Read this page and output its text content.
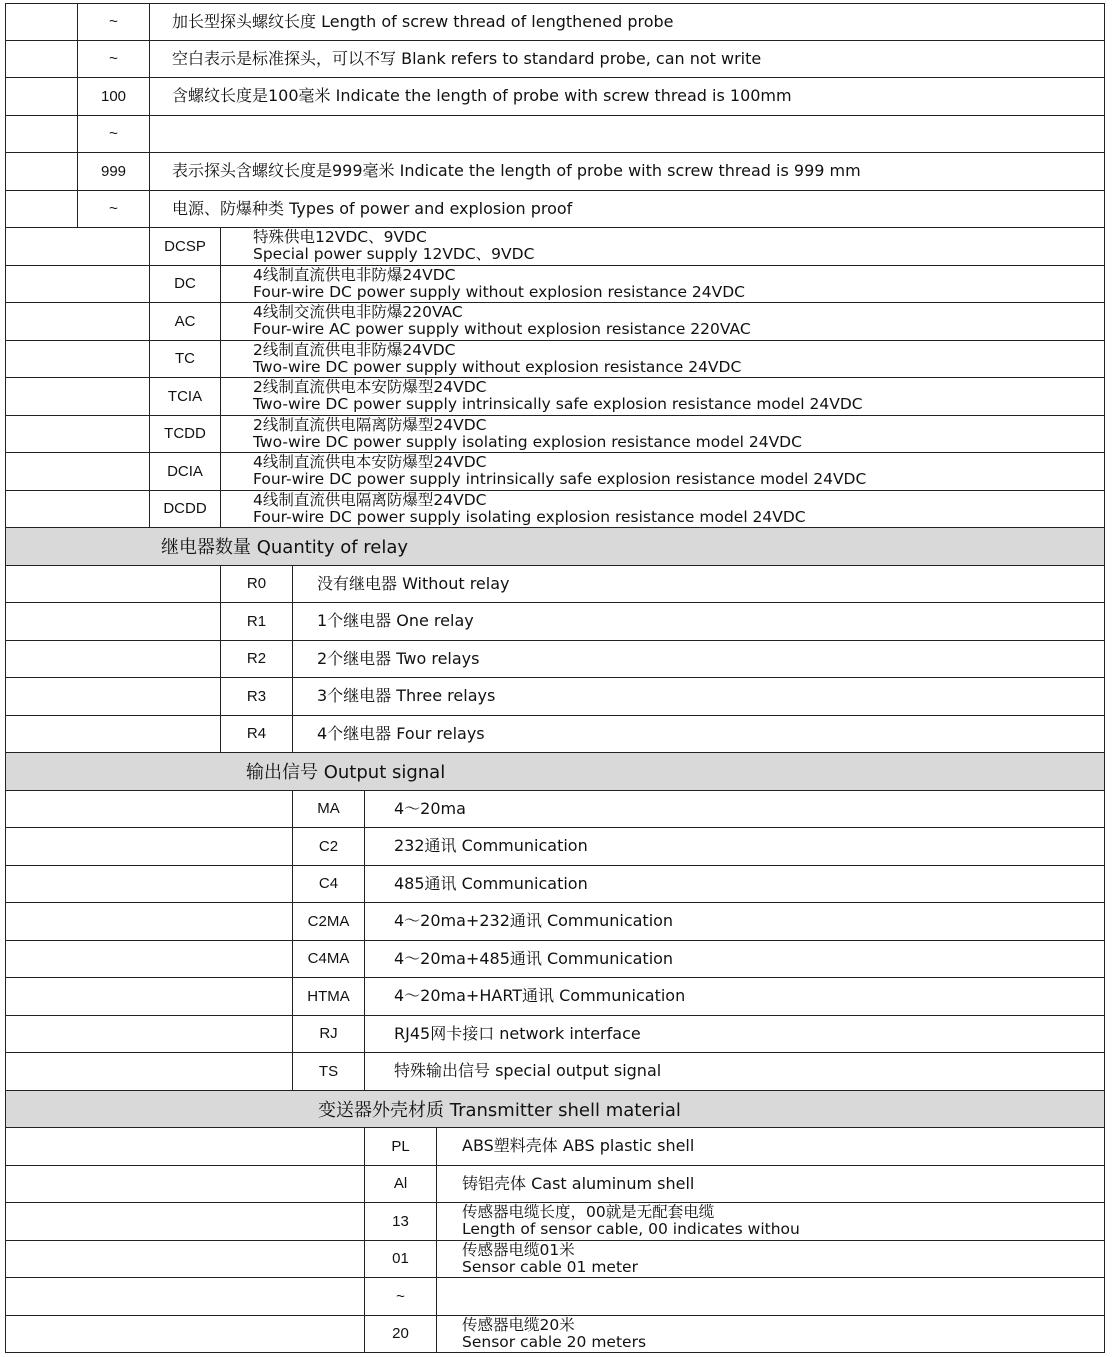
~	加长型探头螺纹长度 Length of screw thread of lengthened probe
~	空白表示是标准探头，可以不写 Blank refers to standard probe, can not write
100	含螺纹长度是100毫米 Indicate the length of probe with screw thread is 100mm
~
999	表示探头含螺纹长度是999毫米 Indicate the length of probe with screw thread is 999 mm
~	电源、防爆种类 Types of power and explosion proof
DCSP	特殊供电12VDC、9VDC
Special power supply 12VDC、9VDC
DC	4线制直流供电非防爆24VDC
Four-wire DC power supply without explosion resistance 24VDC
AC	4线制交流供电非防爆220VAC
Four-wire AC power supply without explosion resistance 220VAC
TC	2线制直流供电非防爆24VDC
Two-wire DC power supply without explosion resistance 24VDC
TCIA	2线制直流供电本安防爆型24VDC
Two-wire DC power supply intrinsically safe explosion resistance model 24VDC
TCDD	2线制直流供电隔离防爆型24VDC
Two-wire DC power supply isolating explosion resistance model 24VDC
DCIA	4线制直流供电本安防爆型24VDC
Four-wire DC power supply intrinsically safe explosion resistance model 24VDC
DCDD	4线制直流供电隔离防爆型24VDC
Four-wire DC power supply isolating explosion resistance model 24VDC
继电器数量 Quantity of relay
R0	没有继电器 Without relay
R1	1个继电器 One relay
R2	2个继电器 Two relays
R3	3个继电器 Three relays
R4	4个继电器 Four relays
输出信号 Output signal
MA	4～20ma
C2	232通讯 Communication
C4	485通讯 Communication
C2MA	4～20ma+232通讯 Communication
C4MA	4～20ma+485通讯 Communication
HTMA	4～20ma+HART通讯 Communication
RJ	RJ45网卡接口 network interface
TS	特殊输出信号 special output signal
变送器外壳材质 Transmitter shell material
PL	ABS塑料壳体 ABS plastic shell
Al	铸铝壳体 Cast aluminum shell
13	传感器电缆长度，00就是无配套电缆
Length of sensor cable, 00 indicates withou
01	传感器电缆01米
Sensor cable 01 meter
~
20	传感器电缆20米
Sensor cable 20 meters
